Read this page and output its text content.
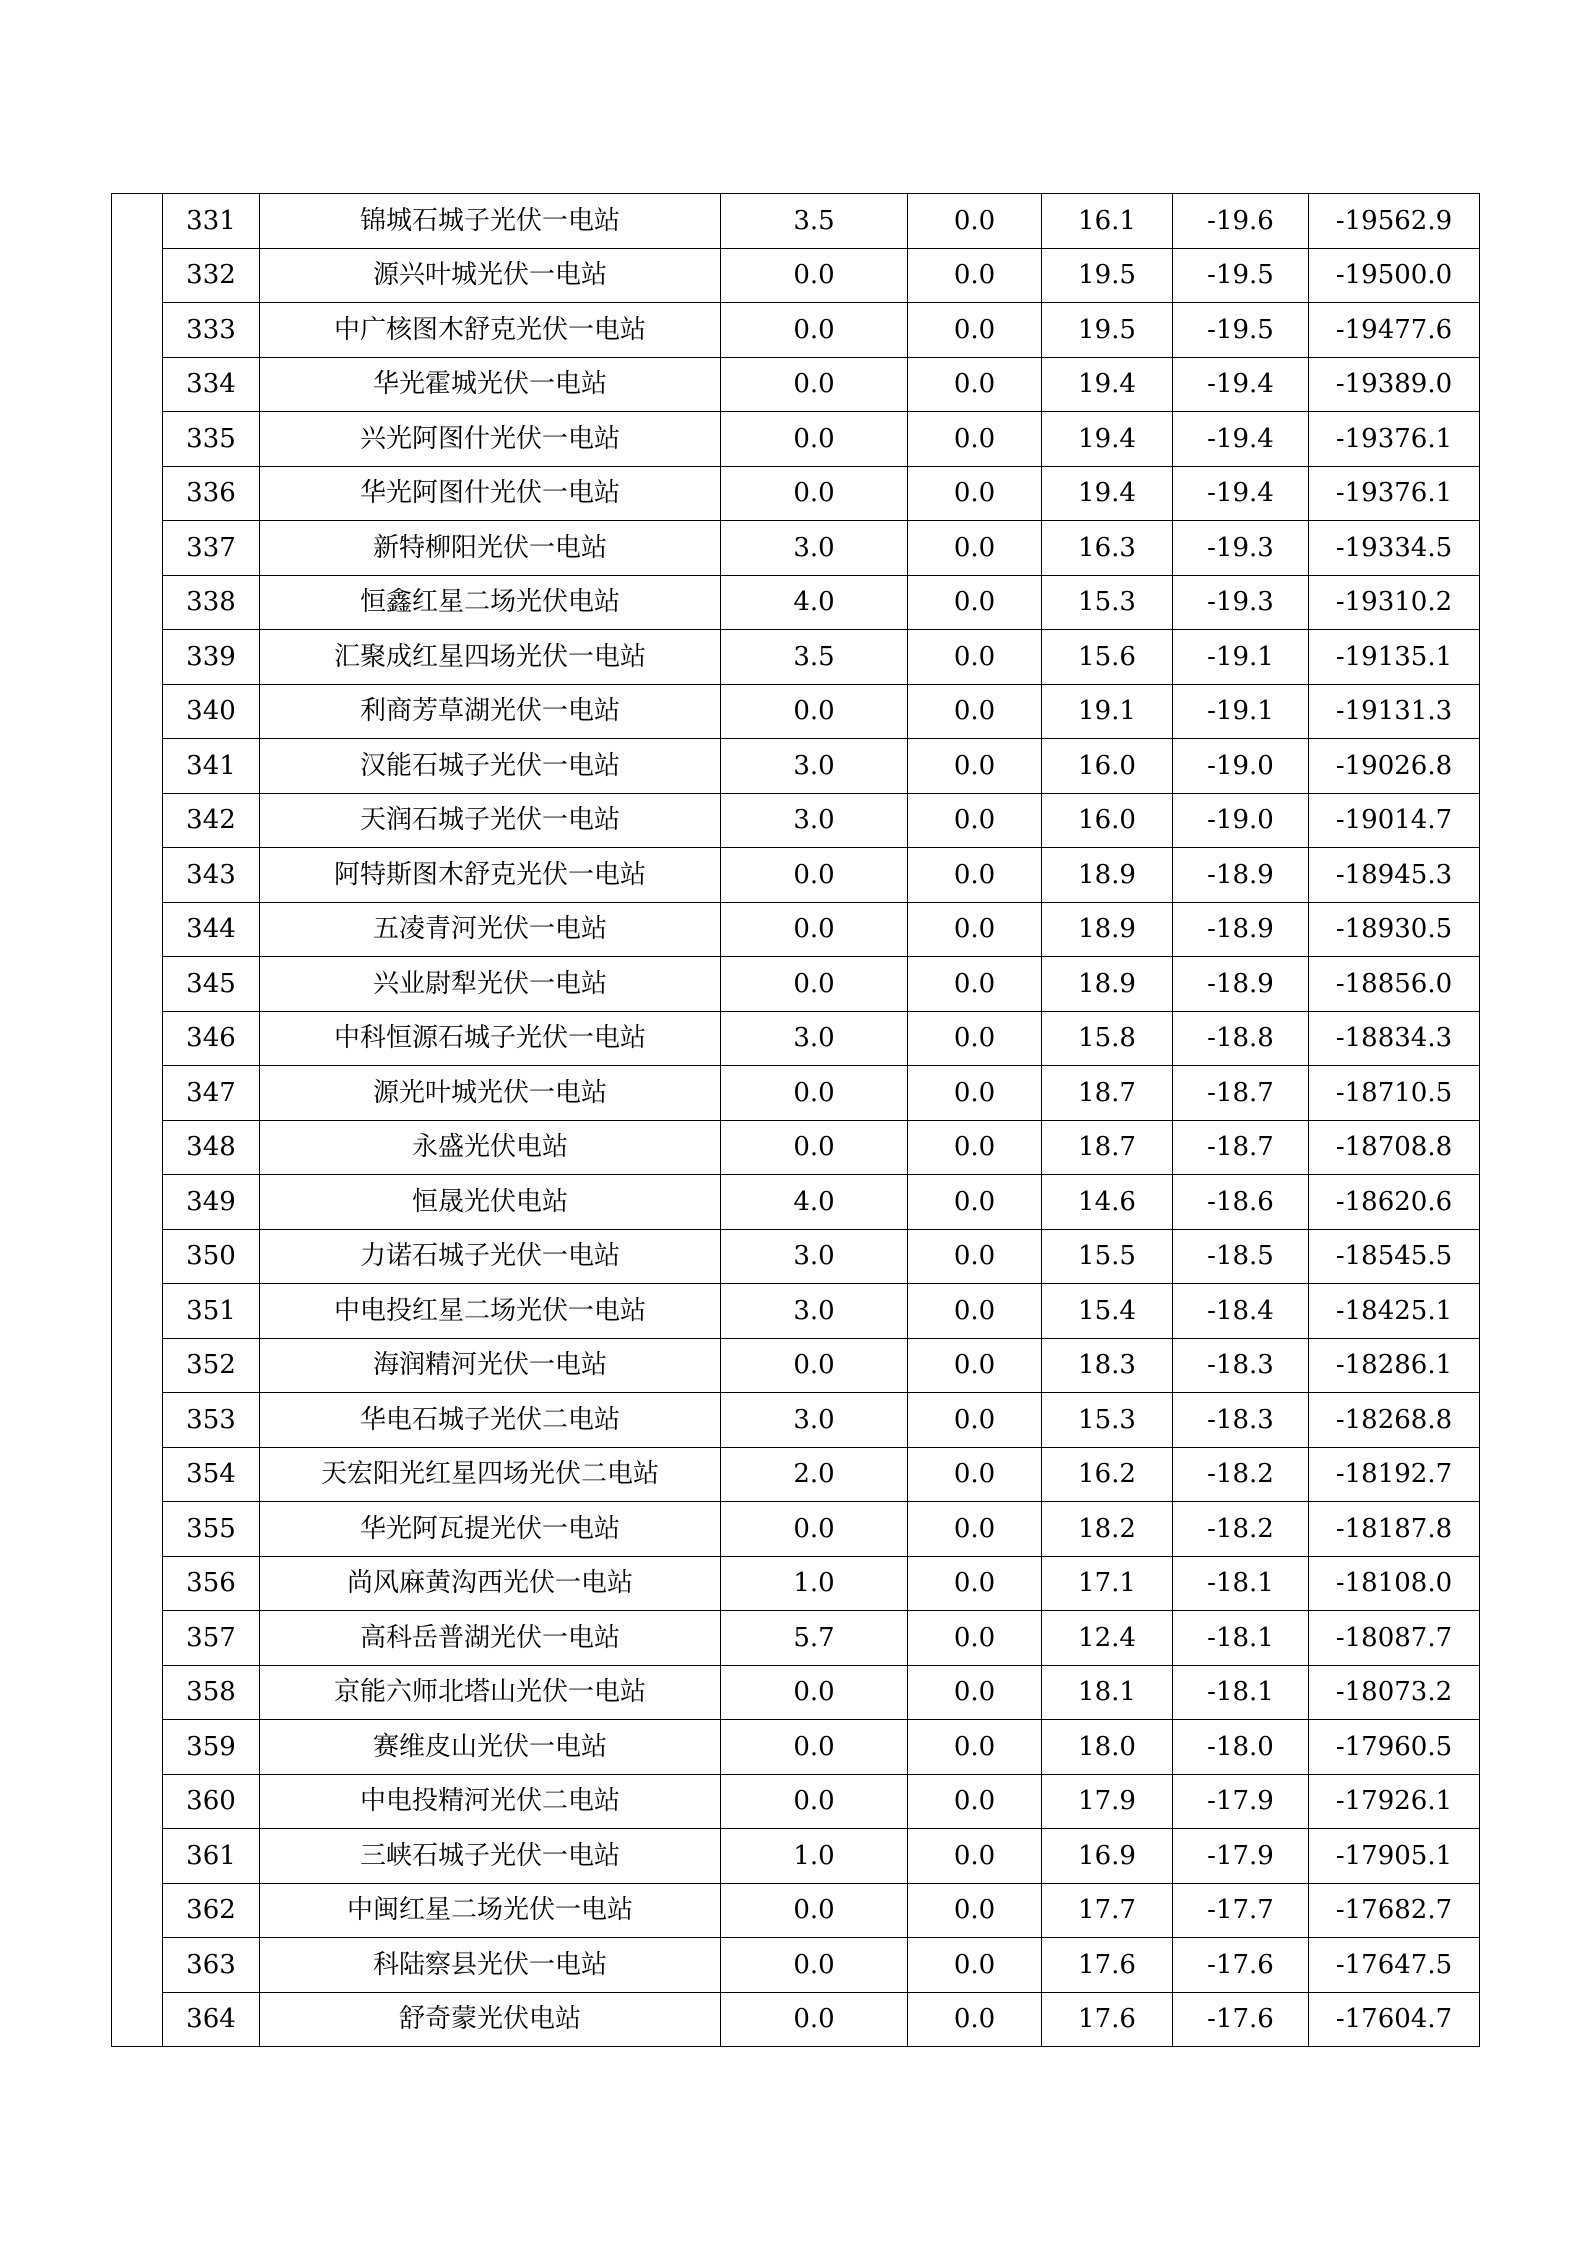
	331	锦城石城子光伏一电站	3.5	0.0	16.1	-19.6	-19562.9
	332	源兴叶城光伏一电站	0.0	0.0	19.5	-19.5	-19500.0
	333	中广核图木舒克光伏一电站	0.0	0.0	19.5	-19.5	-19477.6
	334	华光霍城光伏一电站	0.0	0.0	19.4	-19.4	-19389.0
	335	兴光阿图什光伏一电站	0.0	0.0	19.4	-19.4	-19376.1
	336	华光阿图什光伏一电站	0.0	0.0	19.4	-19.4	-19376.1
	337	新特柳阳光伏一电站	3.0	0.0	16.3	-19.3	-19334.5
	338	恒鑫红星二场光伏电站	4.0	0.0	15.3	-19.3	-19310.2
	339	汇聚成红星四场光伏一电站	3.5	0.0	15.6	-19.1	-19135.1
	340	利商芳草湖光伏一电站	0.0	0.0	19.1	-19.1	-19131.3
	341	汉能石城子光伏一电站	3.0	0.0	16.0	-19.0	-19026.8
	342	天润石城子光伏一电站	3.0	0.0	16.0	-19.0	-19014.7
	343	阿特斯图木舒克光伏一电站	0.0	0.0	18.9	-18.9	-18945.3
	344	五凌青河光伏一电站	0.0	0.0	18.9	-18.9	-18930.5
	345	兴业尉犁光伏一电站	0.0	0.0	18.9	-18.9	-18856.0
	346	中科恒源石城子光伏一电站	3.0	0.0	15.8	-18.8	-18834.3
	347	源光叶城光伏一电站	0.0	0.0	18.7	-18.7	-18710.5
	348	永盛光伏电站	0.0	0.0	18.7	-18.7	-18708.8
	349	恒晟光伏电站	4.0	0.0	14.6	-18.6	-18620.6
	350	力诺石城子光伏一电站	3.0	0.0	15.5	-18.5	-18545.5
	351	中电投红星二场光伏一电站	3.0	0.0	15.4	-18.4	-18425.1
	352	海润精河光伏一电站	0.0	0.0	18.3	-18.3	-18286.1
	353	华电石城子光伏二电站	3.0	0.0	15.3	-18.3	-18268.8
	354	天宏阳光红星四场光伏二电站	2.0	0.0	16.2	-18.2	-18192.7
	355	华光阿瓦提光伏一电站	0.0	0.0	18.2	-18.2	-18187.8
	356	尚风麻黄沟西光伏一电站	1.0	0.0	17.1	-18.1	-18108.0
	357	高科岳普湖光伏一电站	5.7	0.0	12.4	-18.1	-18087.7
	358	京能六师北塔山光伏一电站	0.0	0.0	18.1	-18.1	-18073.2
	359	赛维皮山光伏一电站	0.0	0.0	18.0	-18.0	-17960.5
	360	中电投精河光伏二电站	0.0	0.0	17.9	-17.9	-17926.1
	361	三峡石城子光伏一电站	1.0	0.0	16.9	-17.9	-17905.1
	362	中闽红星二场光伏一电站	0.0	0.0	17.7	-17.7	-17682.7
	363	科陆察县光伏一电站	0.0	0.0	17.6	-17.6	-17647.5
	364	舒奇蒙光伏电站	0.0	0.0	17.6	-17.6	-17604.7
